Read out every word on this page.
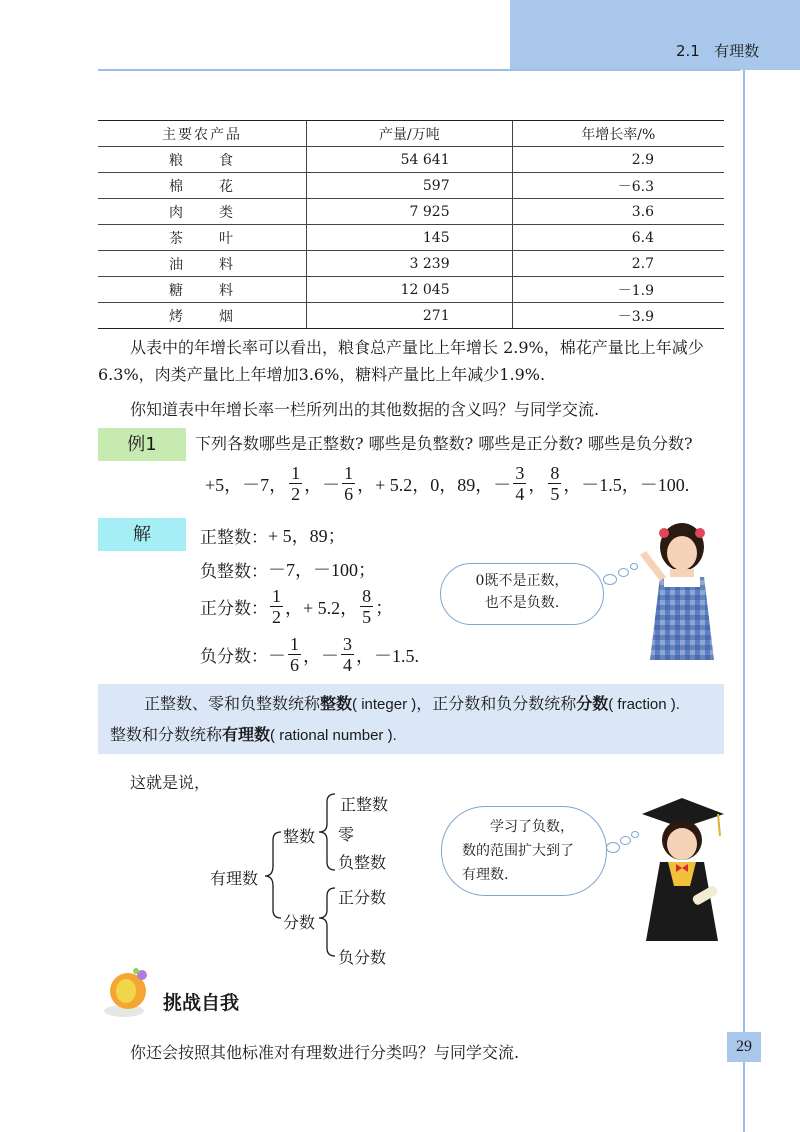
2.1 有理数
主要农产品	产量/万吨	年增长率/%
粮 食	54 641	2.9
棉 花	597	－6.3
肉 类	7 925	3.6
茶 叶	145	6.4
油 料	3 239	2.7
糖 料	12 045	－1.9
烤 烟	271	－3.9
从表中的年增长率可以看出，粮食总产量比上年增长 2.9%，棉花产量比上年减少6.3%，肉类产量比上年增加3.6%，糖料产量比上年减少1.9%.
你知道表中年增长率一栏所列出的其他数据的含义吗？与同学交流.
例1	下列各数哪些是正整数? 哪些是负整数? 哪些是正分数? 哪些是负分数?
+5，－7， $\frac{1}{2}$ ，－ $\frac{1}{6}$ ，+ 5.2，0，89，－ $\frac{3}{4}$ ， $\frac{8}{5}$ ，－1.5，－100.
解	正整数： + 5，89；
负整数： －7，－100；
正分数： $\frac{1}{2}$ ，+ 5.2， $\frac{8}{5}$ ；
负分数： － $\frac{1}{6}$ ，－ $\frac{3}{4}$ ，－1.5.
0既不是正数，
也不是负数.
正整数、零和负整数统称整数( integer )，正分数和负分数统称分数( fraction ).
整数和分数统称有理数( rational number ).
这就是说，
有理数
整数
正整数
零
负整数
分数
正分数
负分数
学习了负数，
数的范围扩大到了
有理数.
挑战自我
你还会按照其他标准对有理数进行分类吗？与同学交流.	29
